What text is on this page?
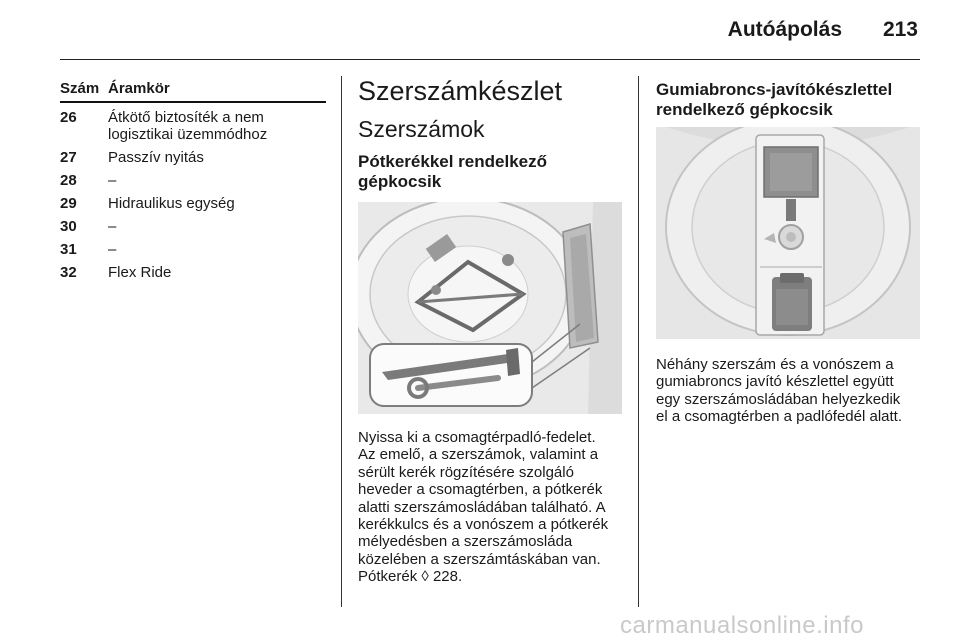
Autóápolás 213
Szám Áramkör
26 Átkötő biztosíték a nem logisztikai üzemmódhoz
27 Passzív nyitás
28 –
29 Hidraulikus egység
30 –
31 –
32 Flex Ride
Szerszámkészlet
Szerszámok
Pótkerékkel rendelkező
gépkocsik

Nyissa ki a csomagtérpadló-fedelet.
Az emelő, a szerszámok, valamint a
sérült kerék rögzítésére szolgáló
heveder a csomagtérben, a pótkerék
alatti szerszámosládában található. A
kerékkulcs és a vonószem a pótkerék
mélyedésben a szerszámosláda
közelében a szerszámtáskában van.
Pótkerék ◊ 228.

Gumiabroncs-javítókészlettel
rendelkező gépkocsik

Néhány szerszám és a vonószem a
gumiabroncs javító készlettel együtt
egy szerszámosládában helyezkedik
el a csomagtérben a padlófedél alatt.

carmanualsonline.info
